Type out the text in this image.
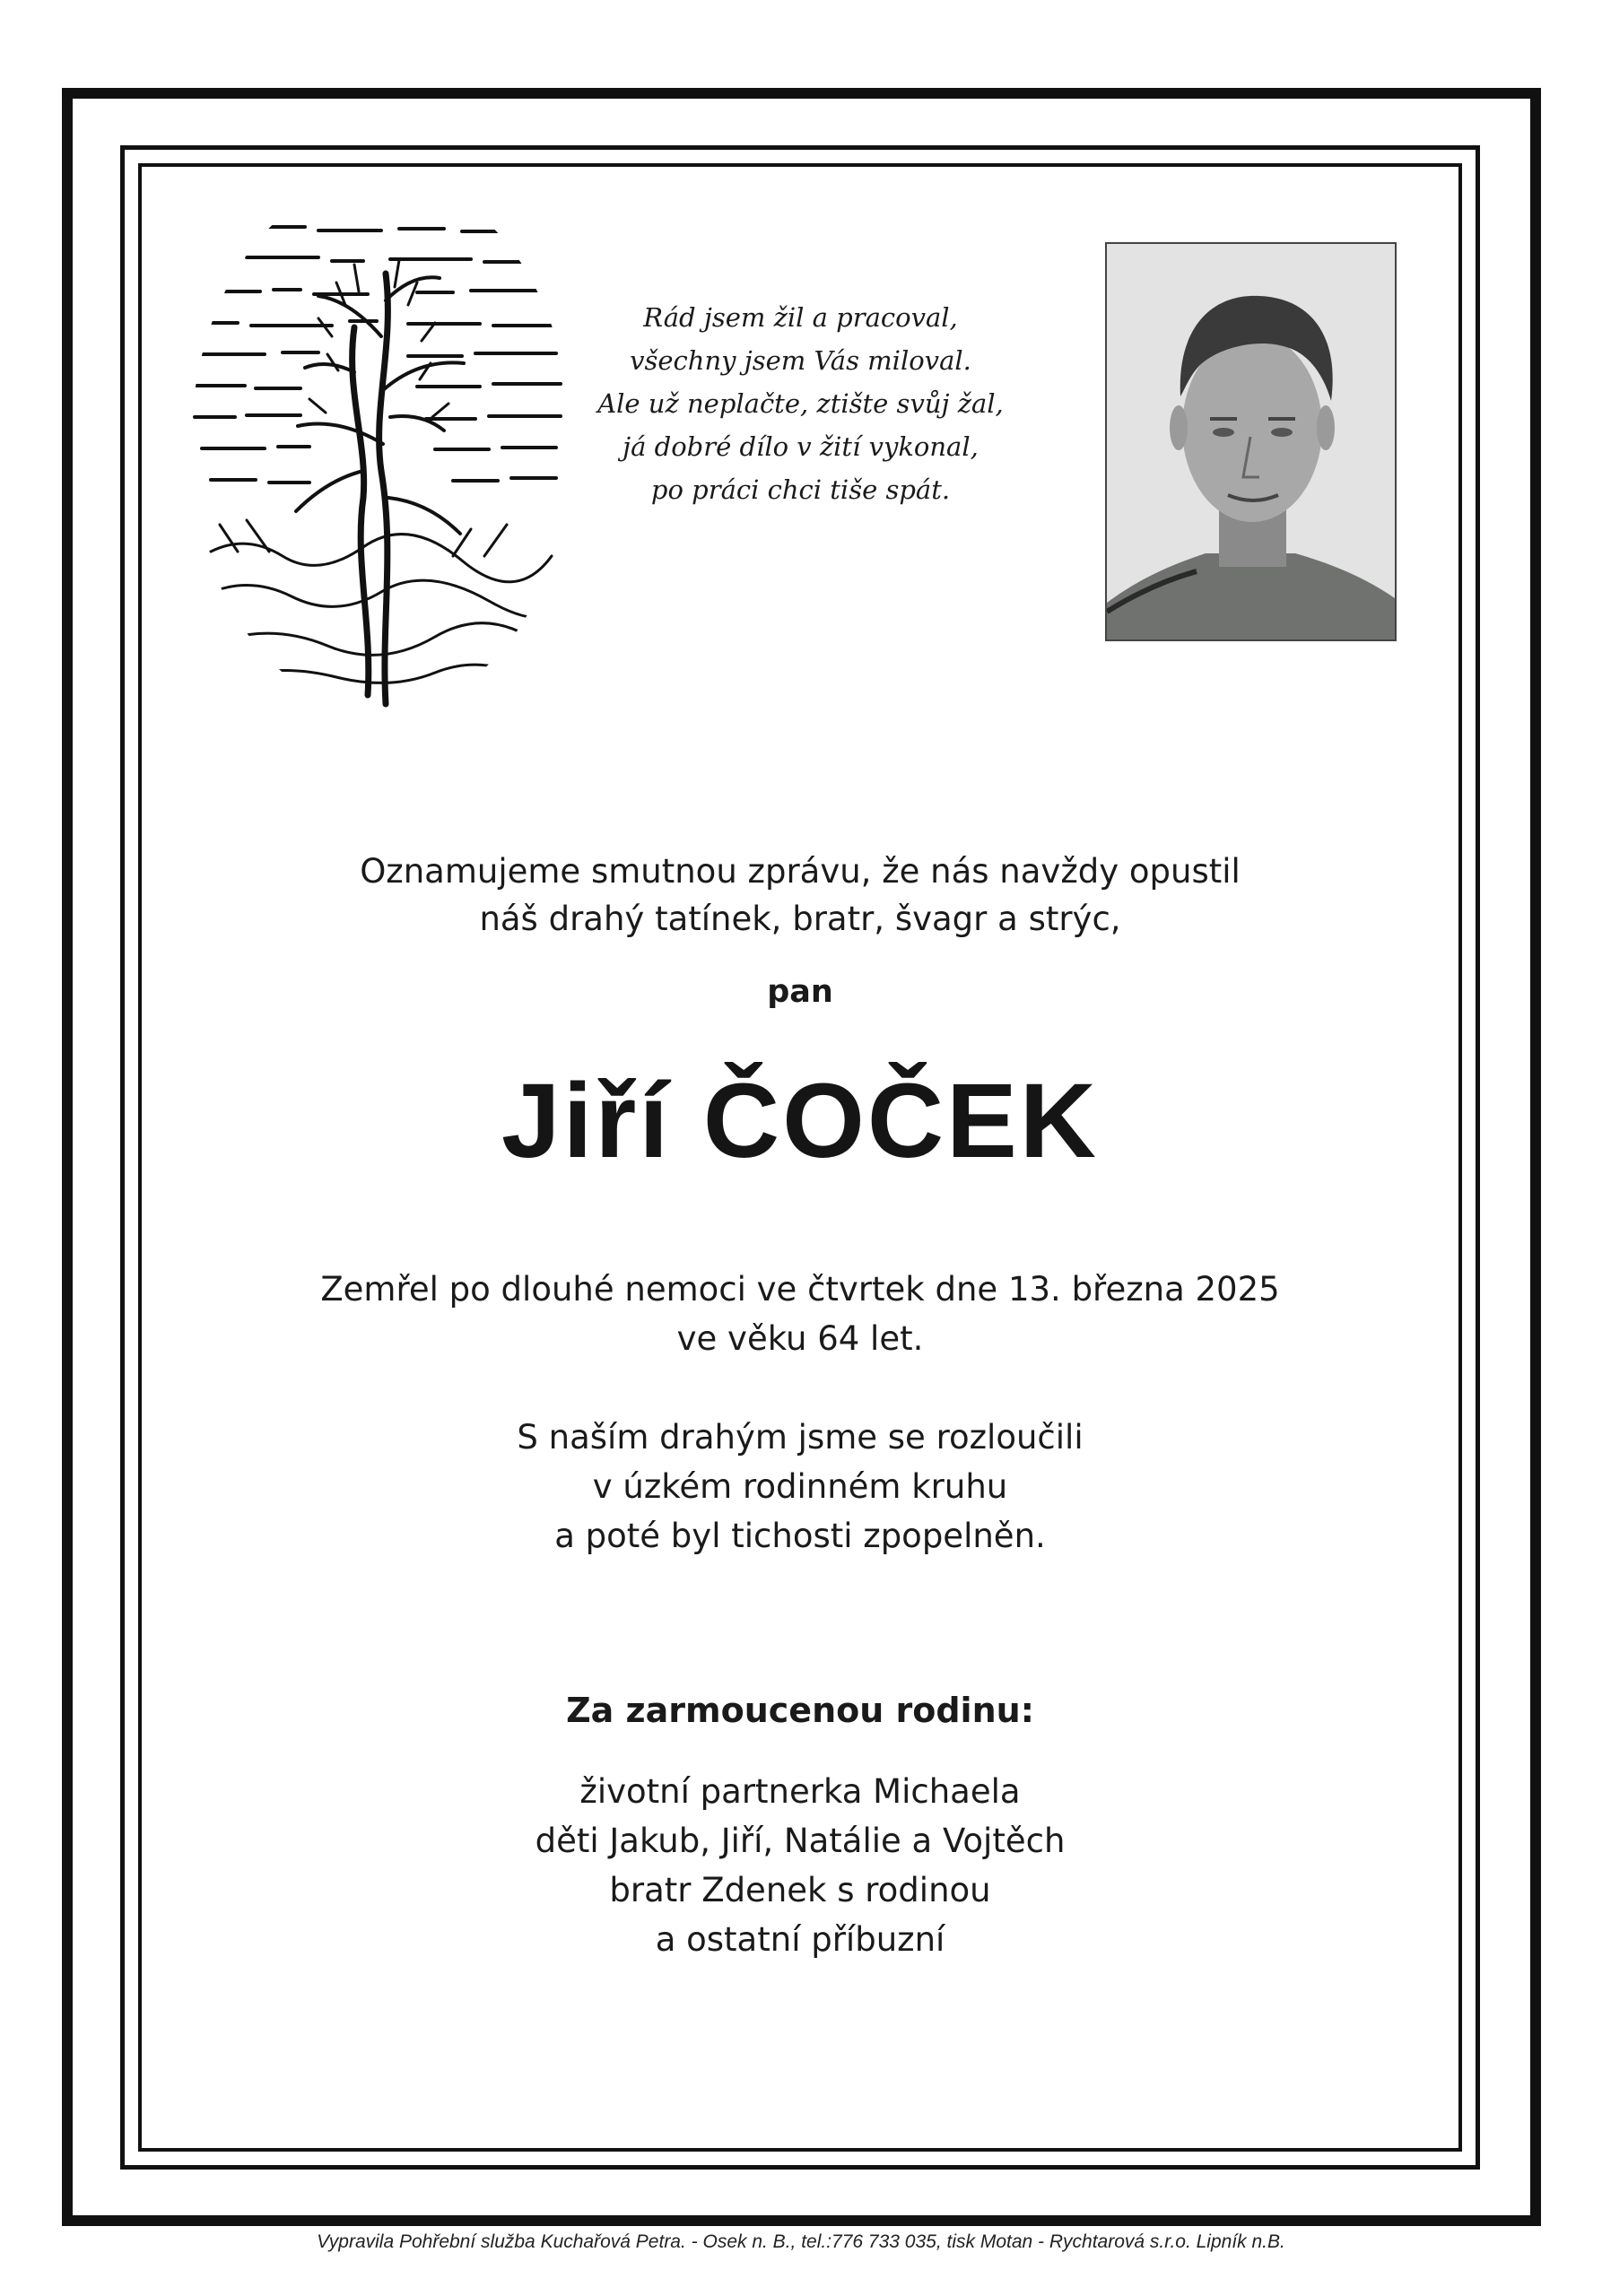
Rád jsem žil a pracoval,
všechny jsem Vás miloval.
Ale už neplačte, ztište svůj žal,
já dobré dílo v žití vykonal,
po práci chci tiše spát.
Oznamujeme smutnou zprávu, že nás navždy opustil
náš drahý tatínek, bratr, švagr a strýc,
pan
Jiří ČOČEK
Zemřel po dlouhé nemoci ve čtvrtek dne 13. března 2025
ve věku 64 let.
S naším drahým jsme se rozloučili
v úzkém rodinném kruhu
a poté byl tichosti zpopelněn.
Za zarmoucenou rodinu:
životní partnerka Michaela
děti Jakub, Jiří, Natálie a Vojtěch
bratr Zdenek s rodinou
a ostatní příbuzní
Vypravila Pohřební služba Kuchařová Petra. - Osek n. B., tel.:776 733 035, tisk Motan - Rychtarová s.r.o. Lipník n.B.
